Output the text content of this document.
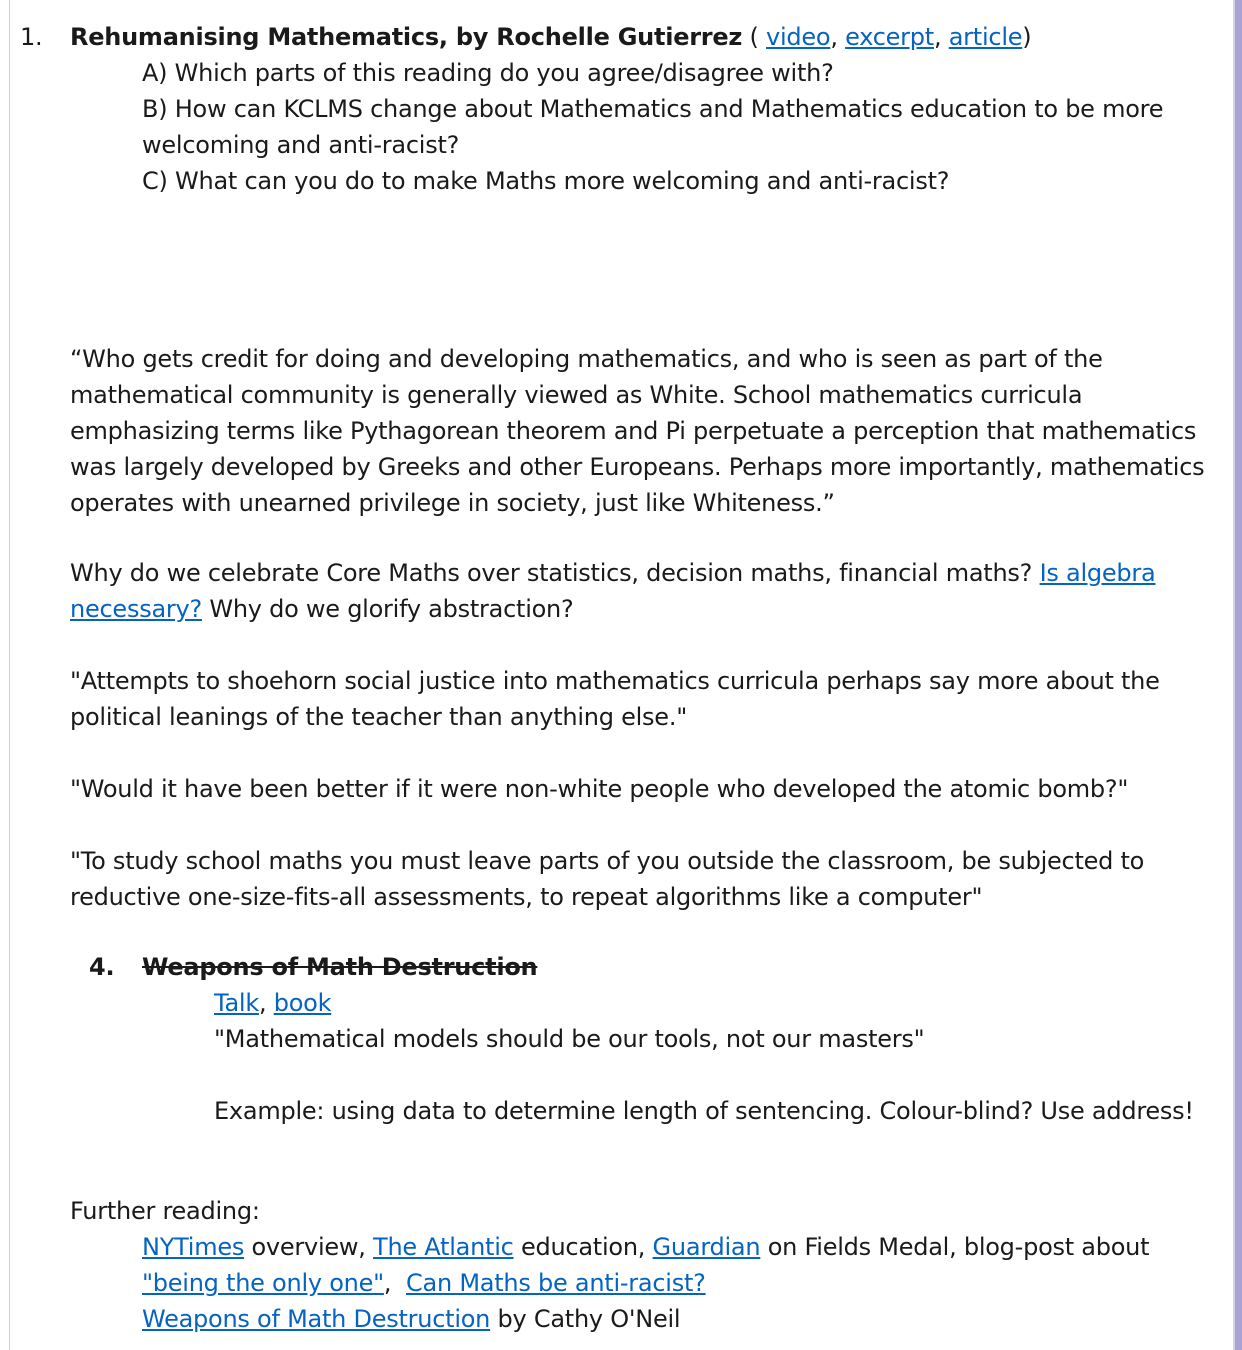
1. Rehumanising Mathematics, by Rochelle Gutierrez ( video, excerpt, article)
A) Which parts of this reading do you agree/disagree with?
B) How can KCLMS change about Mathematics and Mathematics education to be more
welcoming and anti-racist?
C) What can you do to make Maths more welcoming and anti-racist?
“Who gets credit for doing and developing mathematics, and who is seen as part of the
mathematical community is generally viewed as White. School mathematics curricula
emphasizing terms like Pythagorean theorem and Pi perpetuate a perception that mathematics
was largely developed by Greeks and other Europeans. Perhaps more importantly, mathematics
operates with unearned privilege in society, just like Whiteness.”
Why do we celebrate Core Maths over statistics, decision maths, financial maths? Is algebra
necessary? Why do we glorify abstraction?
"Attempts to shoehorn social justice into mathematics curricula perhaps say more about the
political leanings of the teacher than anything else."
"Would it have been better if it were non-white people who developed the atomic bomb?"
"To study school maths you must leave parts of you outside the classroom, be subjected to
reductive one-size-fits-all assessments, to repeat algorithms like a computer"
4. Weapons of Math Destruction
Talk, book
"Mathematical models should be our tools, not our masters"
Example: using data to determine length of sentencing. Colour-blind? Use address!
Further reading:
NYTimes overview, The Atlantic education, Guardian on Fields Medal, blog-post about
"being the only one",  Can Maths be anti-racist?
Weapons of Math Destruction by Cathy O'Neil
